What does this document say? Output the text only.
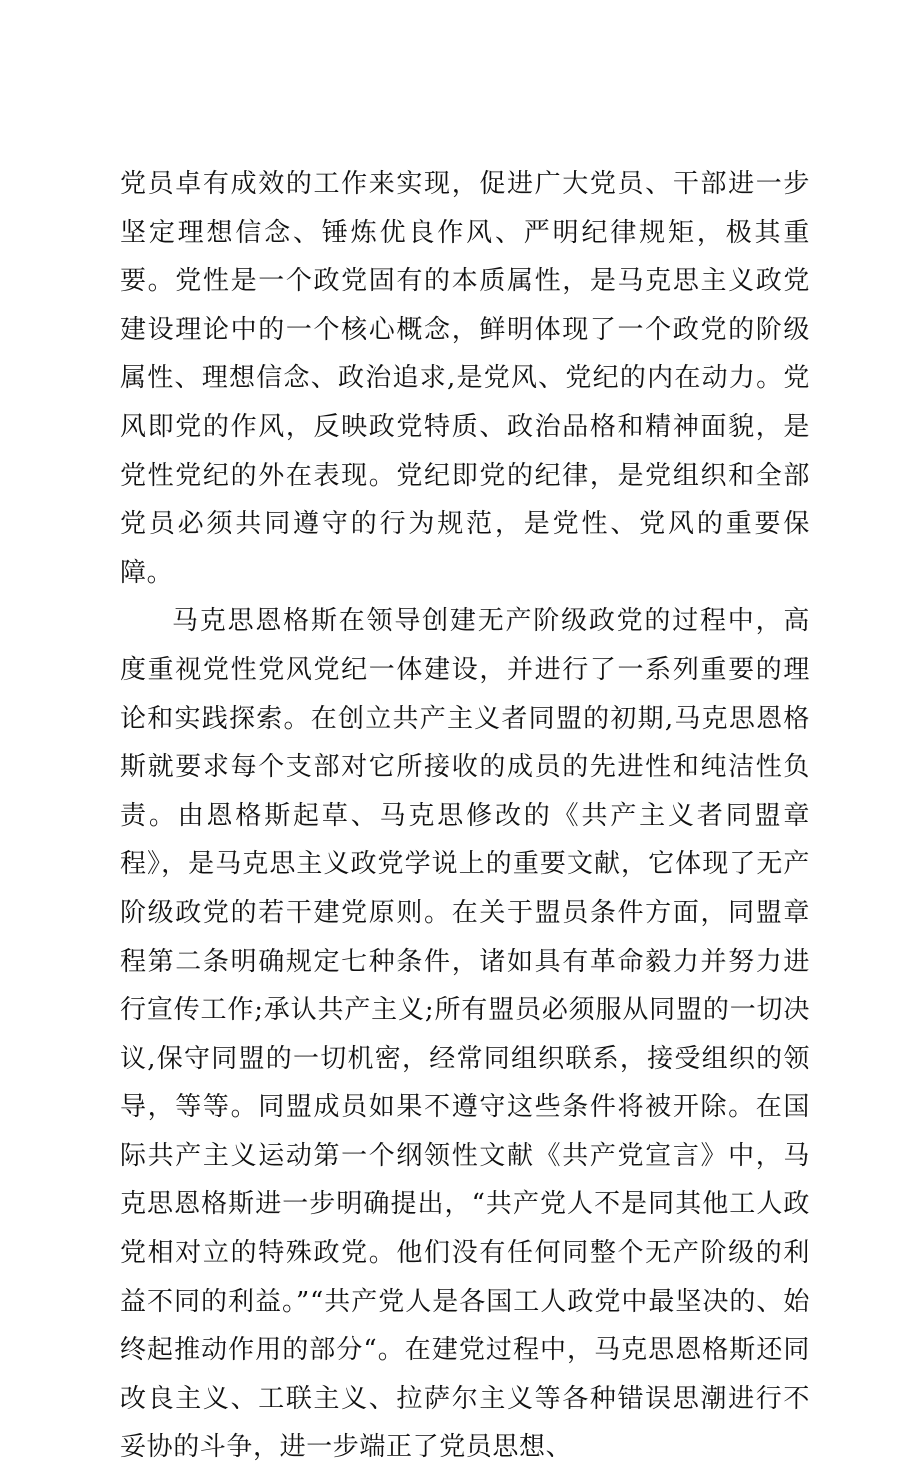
党员卓有成效的工作来实现，促进广大党员、干部进一步坚定理想信念、锤炼优良作风、严明纪律规矩，极其重要。党性是一个政党固有的本质属性，是马克思主义政党建设理论中的一个核心概念，鲜明体现了一个政党的阶级属性、理想信念、政治追求,是党风、党纪的内在动力。党风即党的作风，反映政党特质、政治品格和精神面貌，是党性党纪的外在表现。党纪即党的纪律，是党组织和全部党员必须共同遵守的行为规范，是党性、党风的重要保障。

马克思恩格斯在领导创建无产阶级政党的过程中，高度重视党性党风党纪一体建设，并进行了一系列重要的理论和实践探索。在创立共产主义者同盟的初期,马克思恩格斯就要求每个支部对它所接收的成员的先进性和纯洁性负责。由恩格斯起草、马克思修改的《共产主义者同盟章程》，是马克思主义政党学说上的重要文献，它体现了无产阶级政党的若干建党原则。在关于盟员条件方面，同盟章程第二条明确规定七种条件，诸如具有革命毅力并努力进行宣传工作;承认共产主义;所有盟员必须服从同盟的一切决议,保守同盟的一切机密，经常同组织联系，接受组织的领导，等等。同盟成员如果不遵守这些条件将被开除。在国际共产主义运动第一个纲领性文献《共产党宣言》中，马克思恩格斯进一步明确提出，“共产党人不是同其他工人政党相对立的特殊政党。他们没有任何同整个无产阶级的利益不同的利益。”“共产党人是各国工人政党中最坚决的、始终起推动作用的部分“。在建党过程中，马克思恩格斯还同改良主义、工联主义、拉萨尔主义等各种错误思潮进行不妥协的斗争，进一步端正了党员思想、
